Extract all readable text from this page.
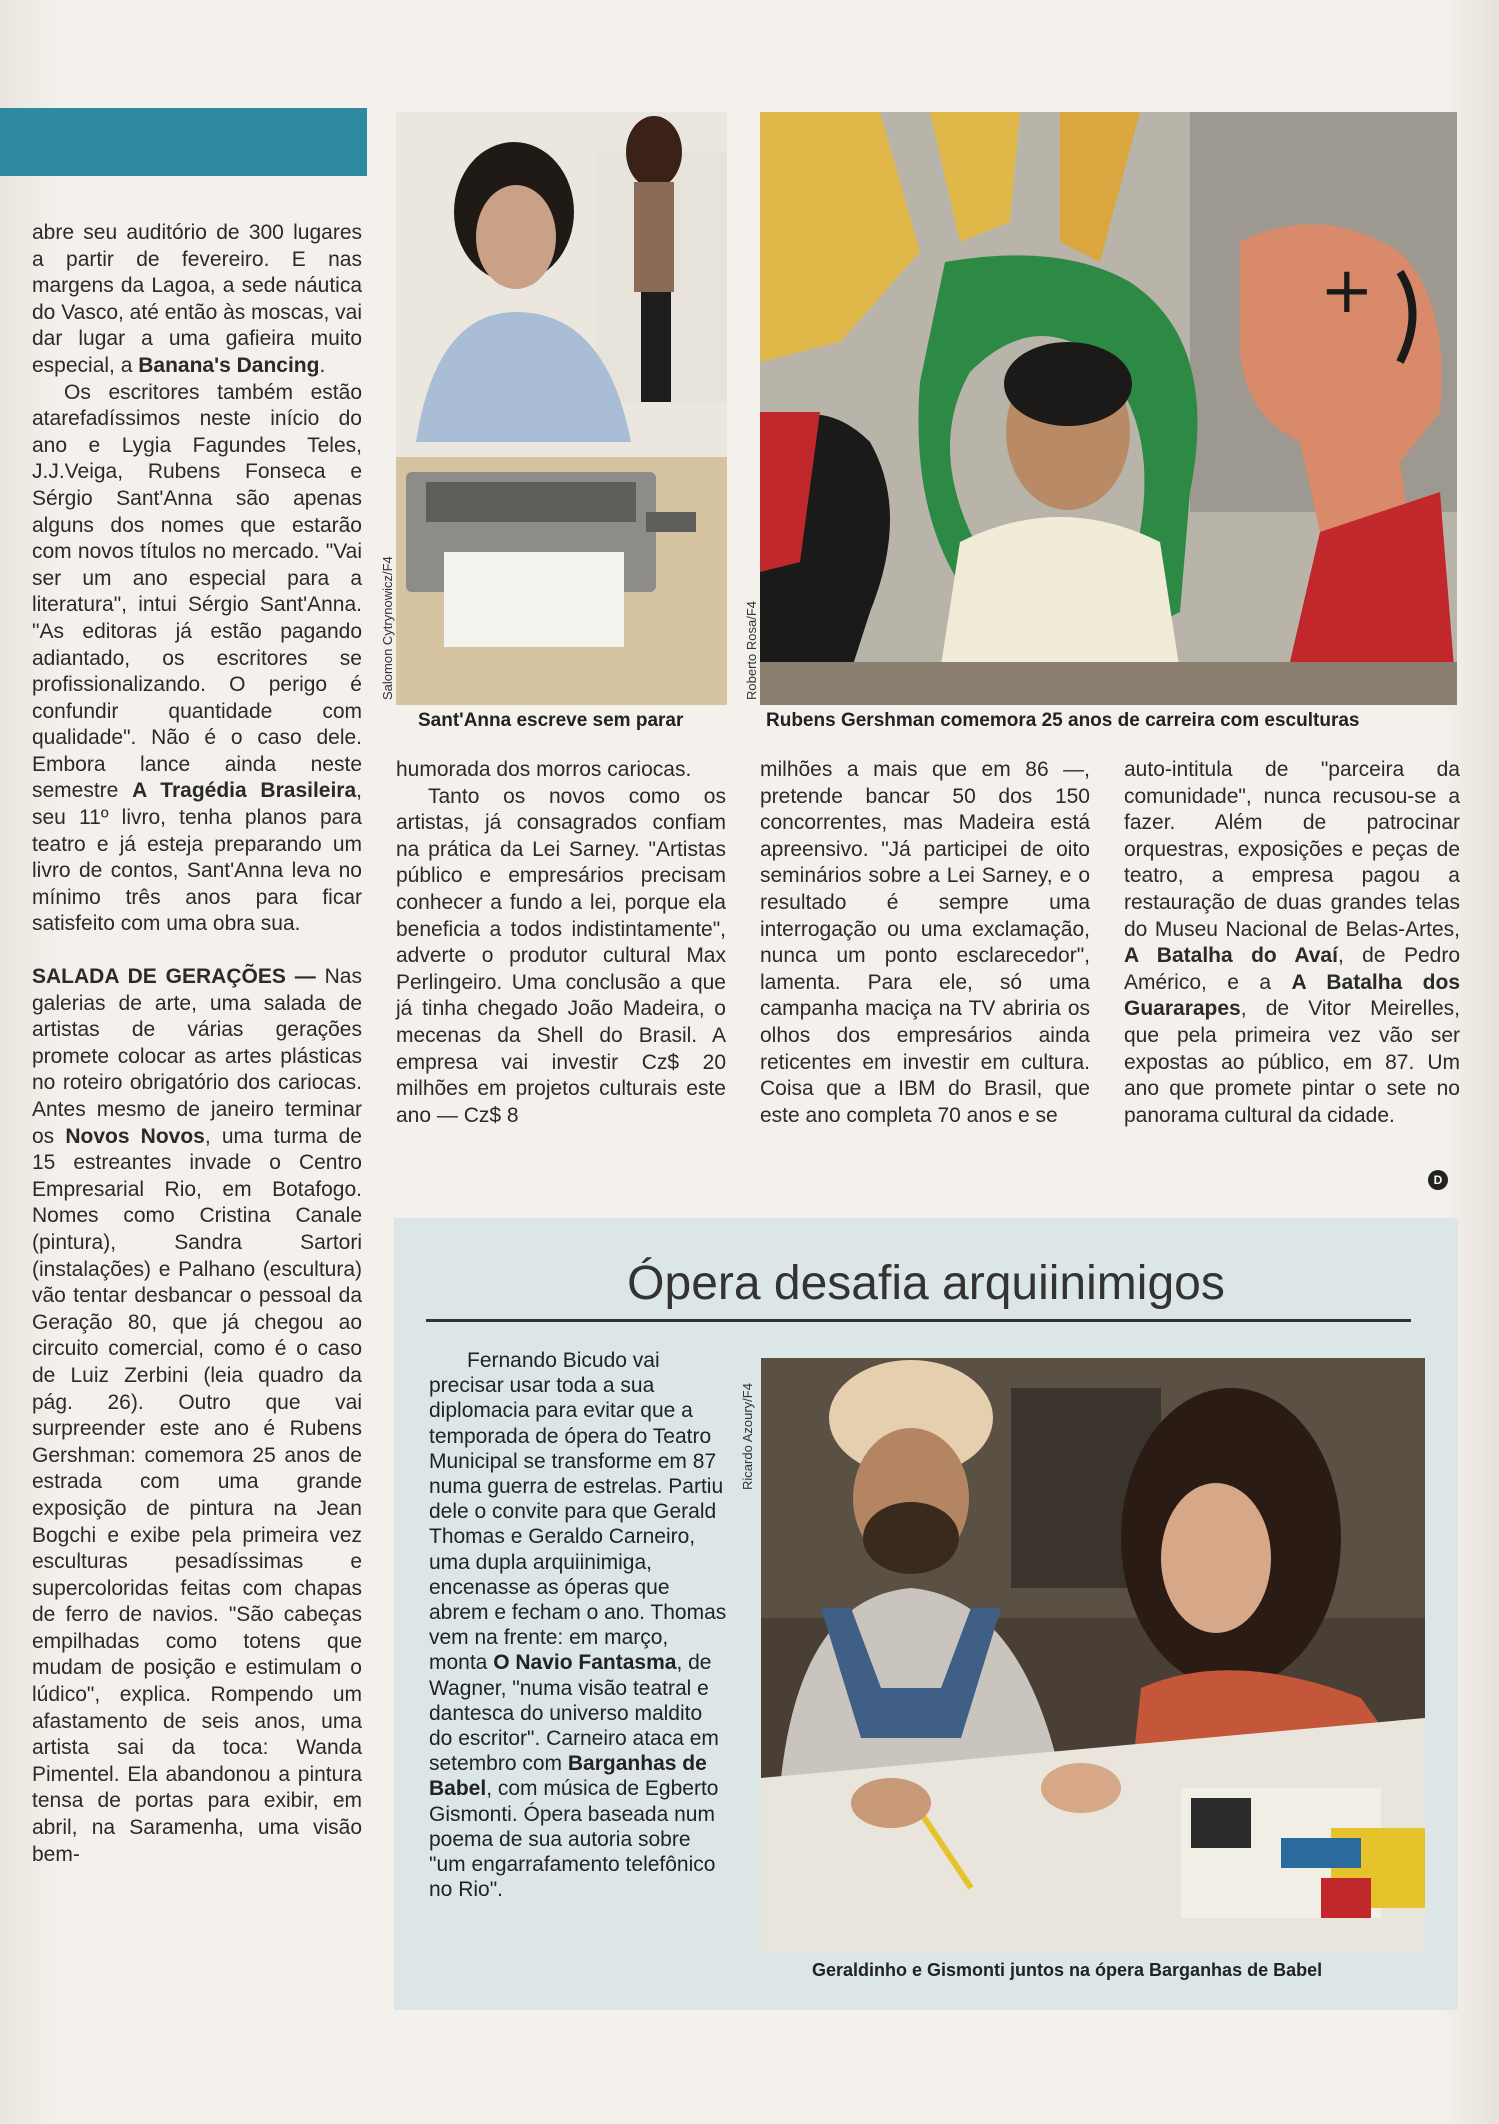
abre seu auditório de 300 lugares a partir de fevereiro. E nas margens da Lagoa, a sede náutica do Vasco, até então às moscas, vai dar lugar a uma gafieira muito especial, a Banana's Dancing.

Os escritores também estão atarefadíssimos neste início do ano e Lygia Fagundes Teles, J.J.Veiga, Rubens Fonseca e Sérgio Sant'Anna são apenas alguns dos nomes que estarão com novos títulos no mercado. "Vai ser um ano especial para a literatura", intui Sérgio Sant'Anna. "As editoras já estão pagando adiantado, os escritores se profissionalizando. O perigo é confundir quantidade com qualidade". Não é o caso dele. Embora lance ainda neste semestre A Tragédia Brasileira, seu 11º livro, tenha planos para teatro e já esteja preparando um livro de contos, Sant'Anna leva no mínimo três anos para ficar satisfeito com uma obra sua.

SALADA DE GERAÇÕES — Nas galerias de arte, uma salada de artistas de várias gerações promete colocar as artes plásticas no roteiro obrigatório dos cariocas. Antes mesmo de janeiro terminar os Novos Novos, uma turma de 15 estreantes invade o Centro Empresarial Rio, em Botafogo. Nomes como Cristina Canale (pintura), Sandra Sartori (instalações) e Palhano (escultura) vão tentar desbancar o pessoal da Geração 80, que já chegou ao circuito comercial, como é o caso de Luiz Zerbini (leia quadro da pág. 26). Outro que vai surpreender este ano é Rubens Gershman: comemora 25 anos de estrada com uma grande exposição de pintura na Jean Bogchi e exibe pela primeira vez esculturas pesadíssimas e supercoloridas feitas com chapas de ferro de navios. "São cabeças empilhadas como totens que mudam de posição e estimulam o lúdico", explica. Rompendo um afastamento de seis anos, uma artista sai da toca: Wanda Pimentel. Ela abandonou a pintura tensa de portas para exibir, em abril, na Saramenha, uma visão bem-

Salomon Cytrynowicz/F4
Sant'Anna escreve sem parar
+
Roberto Rosa/F4
Rubens Gershman comemora 25 anos de carreira com esculturas

humorada dos morros cariocas.

Tanto os novos como os artistas, já consagrados confiam na prática da Lei Sarney. "Artistas público e empresários precisam conhecer a fundo a lei, porque ela beneficia a todos indistintamente", adverte o produtor cultural Max Perlingeiro. Uma conclusão a que já tinha chegado João Madeira, o mecenas da Shell do Brasil. A empresa vai investir Cz$ 20 milhões em projetos culturais este ano — Cz$ 8

milhões a mais que em 86 —, pretende bancar 50 dos 150 concorrentes, mas Madeira está apreensivo. "Já participei de oito seminários sobre a Lei Sarney, e o resultado é sempre uma interrogação ou uma exclamação, nunca um ponto esclarecedor", lamenta. Para ele, só uma campanha maciça na TV abriria os olhos dos empresários ainda reticentes em investir em cultura. Coisa que a IBM do Brasil, que este ano completa 70 anos e se

auto-intitula de "parceira da comunidade", nunca recusou-se a fazer. Além de patrocinar orquestras, exposições e peças de teatro, a empresa pagou a restauração de duas grandes telas do Museu Nacional de Belas-Artes, A Batalha do Avaí, de Pedro Américo, e a A Batalha dos Guararapes, de Vitor Meirelles, que pela primeira vez vão ser expostas ao público, em 87. Um ano que promete pintar o sete no panorama cultural da cidade.

D
Ópera desafia arquiinimigos

Fernando Bicudo vai precisar usar toda a sua diplomacia para evitar que a temporada de ópera do Teatro Municipal se transforme em 87 numa guerra de estrelas. Partiu dele o convite para que Gerald Thomas e Geraldo Carneiro, uma dupla arquiinimiga, encenasse as óperas que abrem e fecham o ano. Thomas vem na frente: em março, monta O Navio Fantasma, de Wagner, "numa visão teatral e dantesca do universo maldito do escritor". Carneiro ataca em setembro com Barganhas de Babel, com música de Egberto Gismonti. Ópera baseada num poema de sua autoria sobre "um engarrafamento telefônico no Rio".

Ricardo Azoury/F4
Geraldinho e Gismonti juntos na ópera Barganhas de Babel
